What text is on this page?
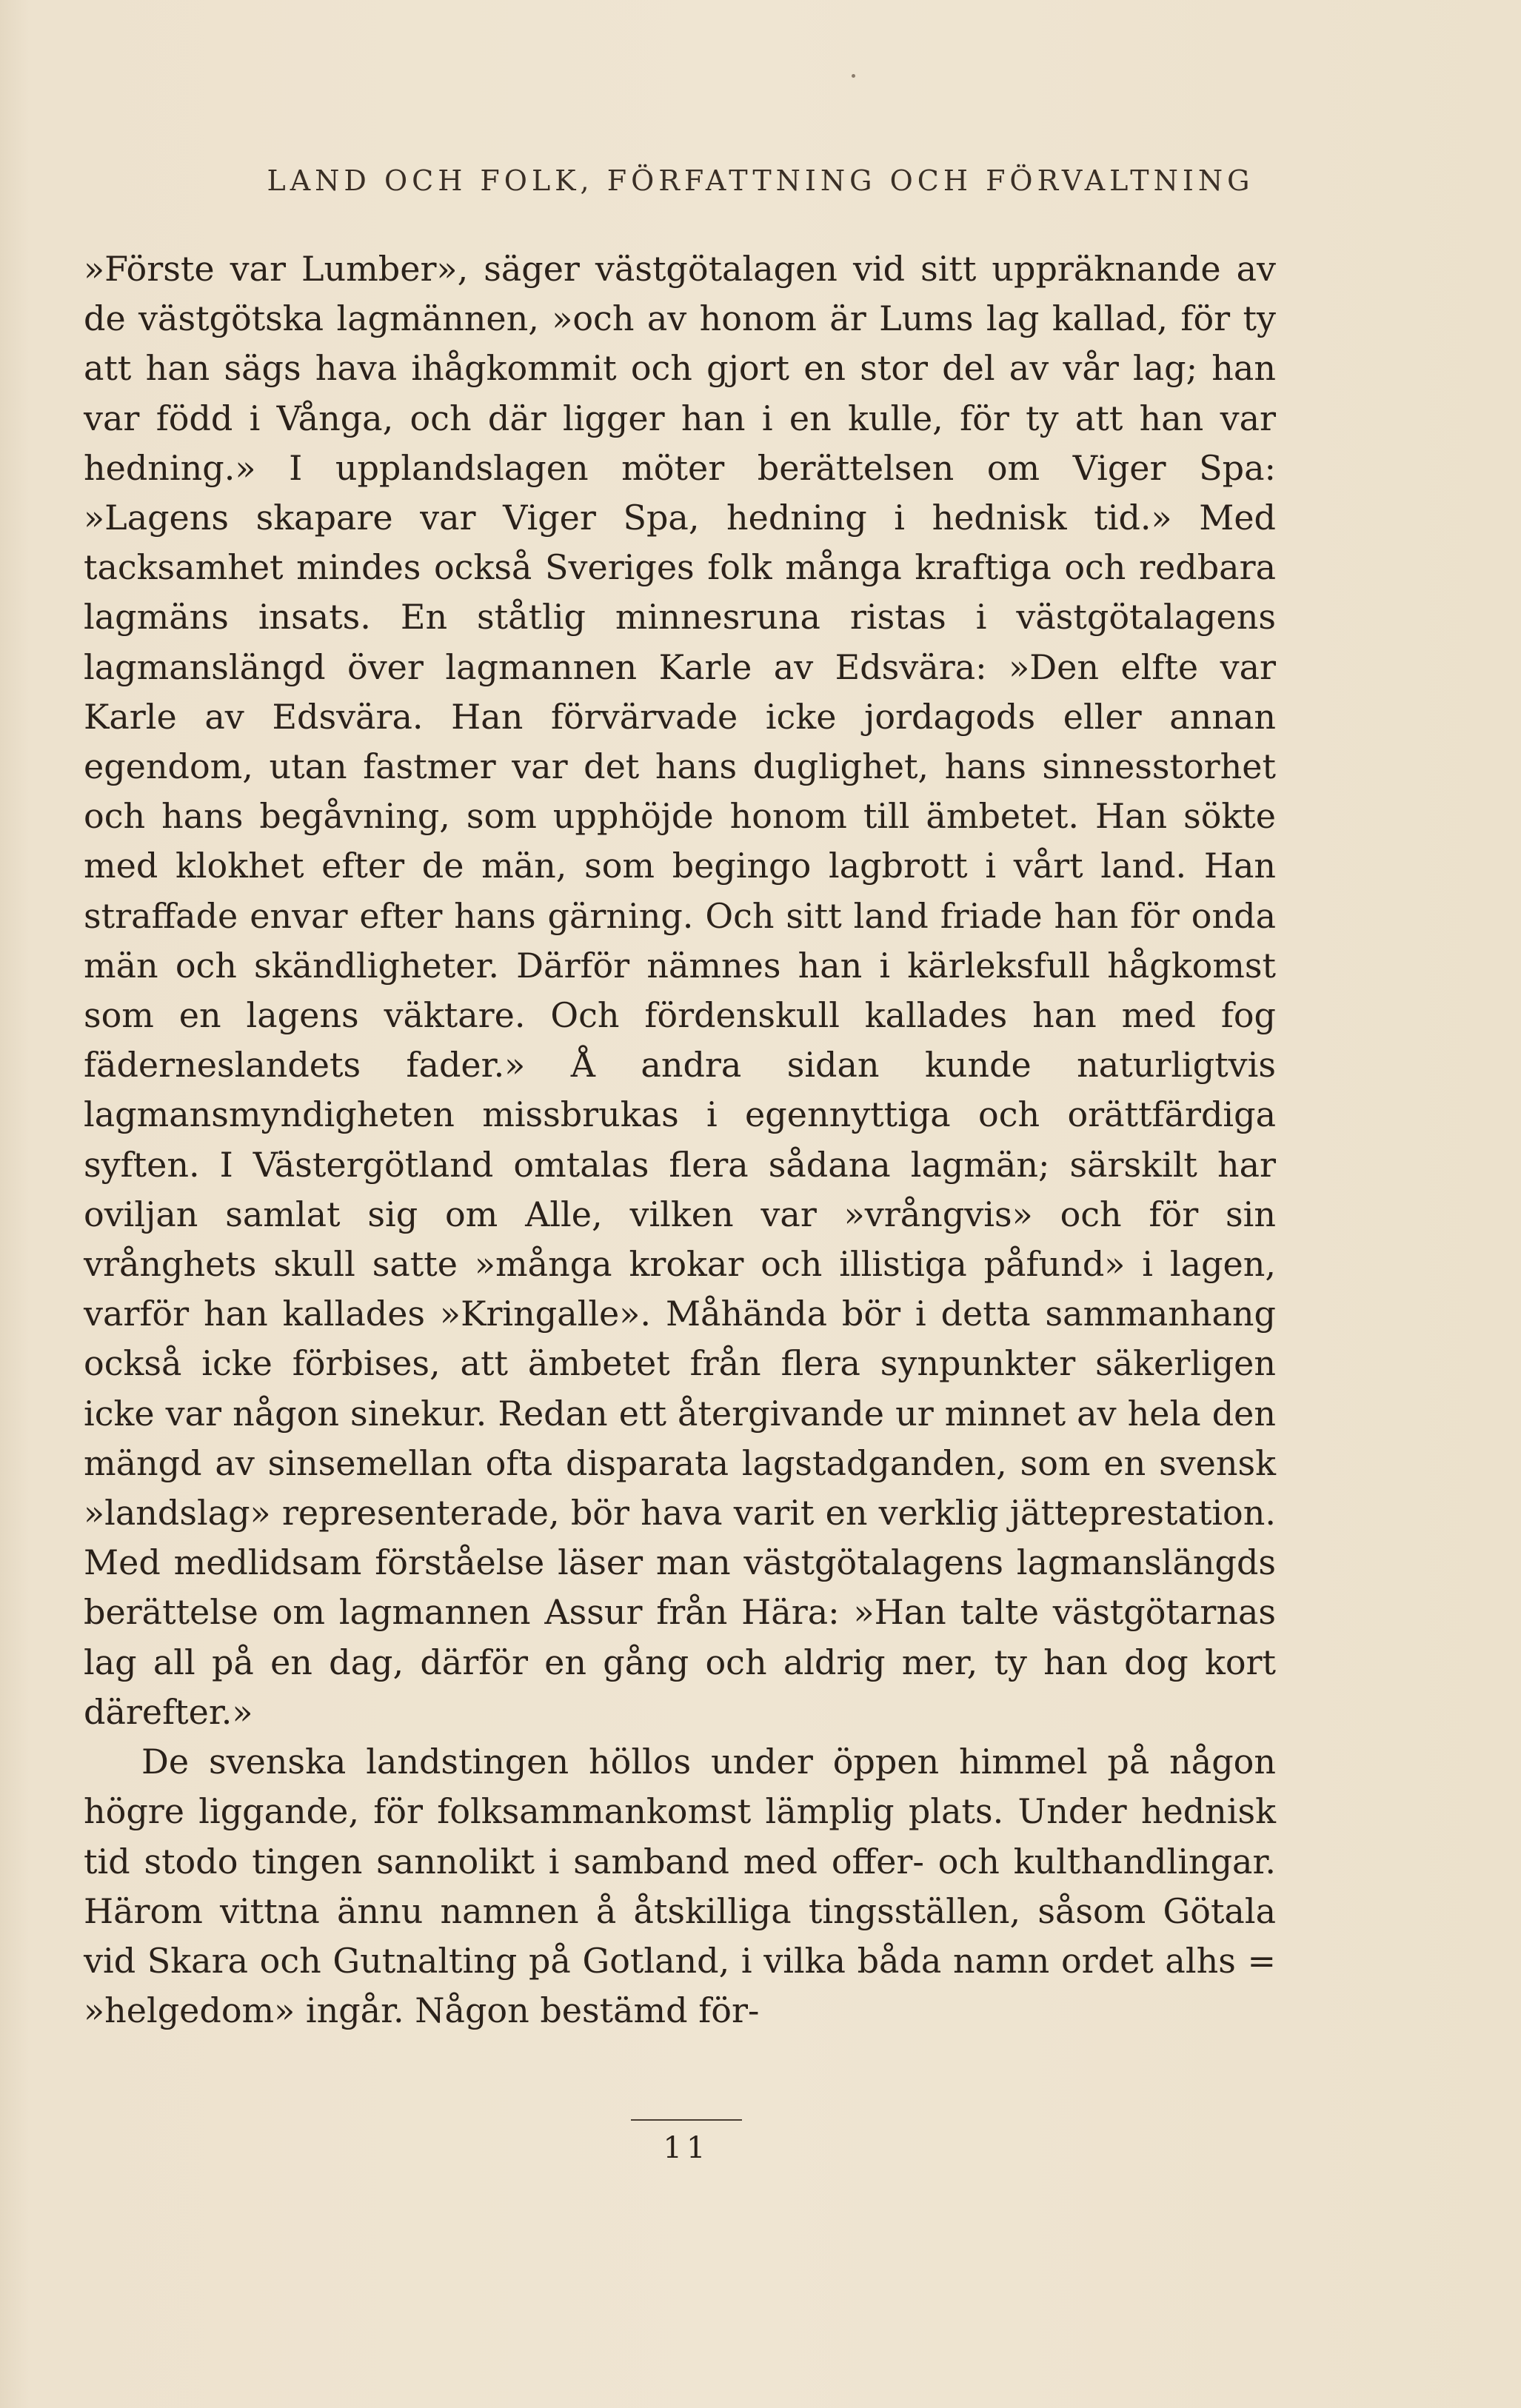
LAND OCH FOLK, FÖRFATTNING OCH FÖRVALTNING

»Förste var Lumber», säger västgötalagen vid sitt uppräknande av de västgötska lagmännen, »och av honom är Lums lag kallad, för ty att han sägs hava ihågkommit och gjort en stor del av vår lag; han var född i Vånga, och där ligger han i en kulle, för ty att han var hedning.» I upplandslagen möter berättelsen om Viger Spa: »Lagens skapare var Viger Spa, hedning i hednisk tid.» Med tacksamhet mindes också Sveriges folk många kraftiga och redbara lagmäns insats. En ståtlig minnesruna ristas i västgötalagens lagmanslängd över lagmannen Karle av Edsvära: »Den elfte var Karle av Edsvära. Han förvärvade icke jordagods eller annan egendom, utan fastmer var det hans duglighet, hans sinnesstorhet och hans begåvning, som upphöjde honom till ämbetet. Han sökte med klokhet efter de män, som begingo lagbrott i vårt land. Han straffade envar efter hans gärning. Och sitt land friade han för onda män och skändligheter. Därför nämnes han i kärleksfull hågkomst som en lagens väktare. Och fördenskull kallades han med fog fäderneslandets fader.» Å andra sidan kunde naturligtvis lagmansmyndigheten missbrukas i egennyttiga och orättfärdiga syften. I Västergötland omtalas flera sådana lagmän; särskilt har oviljan samlat sig om Alle, vilken var »vrångvis» och för sin vrånghets skull satte »många krokar och illistiga påfund» i lagen, varför han kallades »Kringalle». Måhända bör i detta sammanhang också icke förbises, att ämbetet från flera synpunkter säkerligen icke var någon sinekur. Redan ett återgivande ur minnet av hela den mängd av sinsemellan ofta disparata lagstadganden, som en svensk »landslag» representerade, bör hava varit en verklig jätteprestation. Med medlidsam förståelse läser man västgötalagens lagmanslängds berättelse om lagmannen Assur från Hära: »Han talte västgötarnas lag all på en dag, därför en gång och aldrig mer, ty han dog kort därefter.»

De svenska landstingen höllos under öppen himmel på någon högre liggande, för folksammankomst lämplig plats. Under hednisk tid stodo tingen sannolikt i samband med offer- och kulthandlingar. Härom vittna ännu namnen å åtskilliga tingsställen, såsom Götala vid Skara och Gutnalting på Gotland, i vilka båda namn ordet alhs = »helgedom» ingår. Någon bestämd för-

11
